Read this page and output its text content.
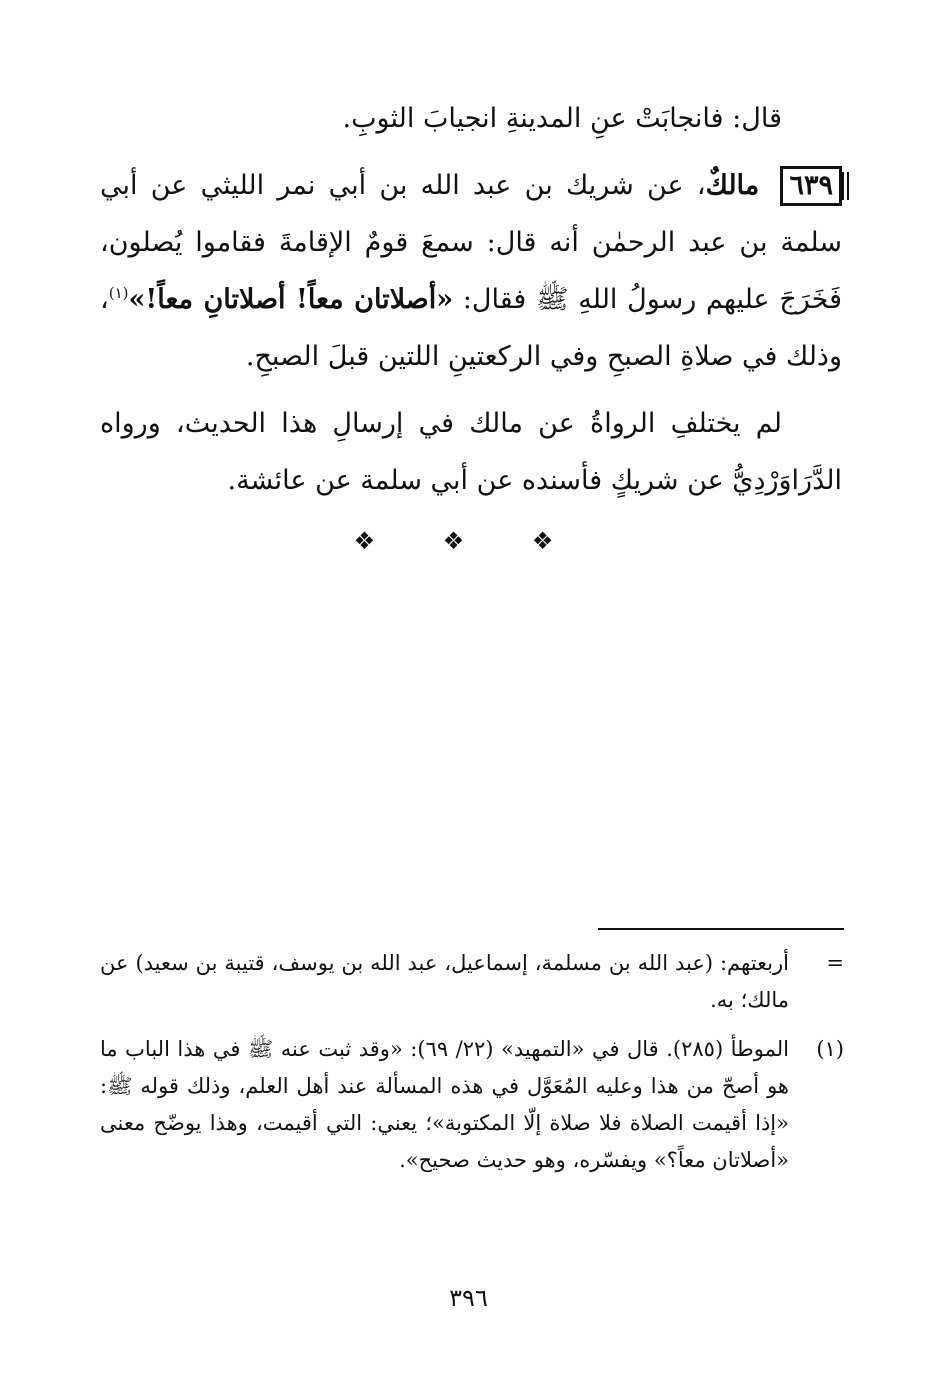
قال: فانجابَتْ عنِ المدينةِ انجيابَ الثوبِ.

٦٣٩ مالكٌ، عن شريك بن عبد الله بن أبي نمر الليثي عن أبي سلمة بن عبد الرحمٰن أنه قال: سمعَ قومٌ الإقامةَ فقاموا يُصلون، فَخَرَجَ عليهم رسولُ اللهِ ﷺ فقال: «أصلاتان معاً! أصلاتانِ معاً!»$^{(١)}$، وذلك في صلاةِ الصبحِ وفي الركعتينِ اللتين قبلَ الصبحِ.

لم يختلفِ الرواةُ عن مالك في إرسالِ هذا الحديث، ورواه الدَّرَاوَرْدِيُّ عن شريكٍ فأسنده عن أبي سلمة عن عائشة.

❖ ❖ ❖
=
أربعتهم: (عبد الله بن مسلمة، إسماعيل، عبد الله بن يوسف، قتيبة بن سعيد) عن مالك؛ به.
(١)
الموطأ (٢٨٥). قال في «التمهيد» (٢٢/ ٦٩): «وقد ثبت عنه ﷺ في هذا الباب ما هو أصحّ من هذا وعليه المُعَوَّل في هذه المسألة عند أهل العلم، وذلك قوله ﷺ: «إذا أقيمت الصلاة فلا صلاة إلّا المكتوبة»؛ يعني: التي أقيمت، وهذا يوضّح معنى «أصلاتان معاً؟» ويفسّره، وهو حديث صحيح».
٣٩٦
